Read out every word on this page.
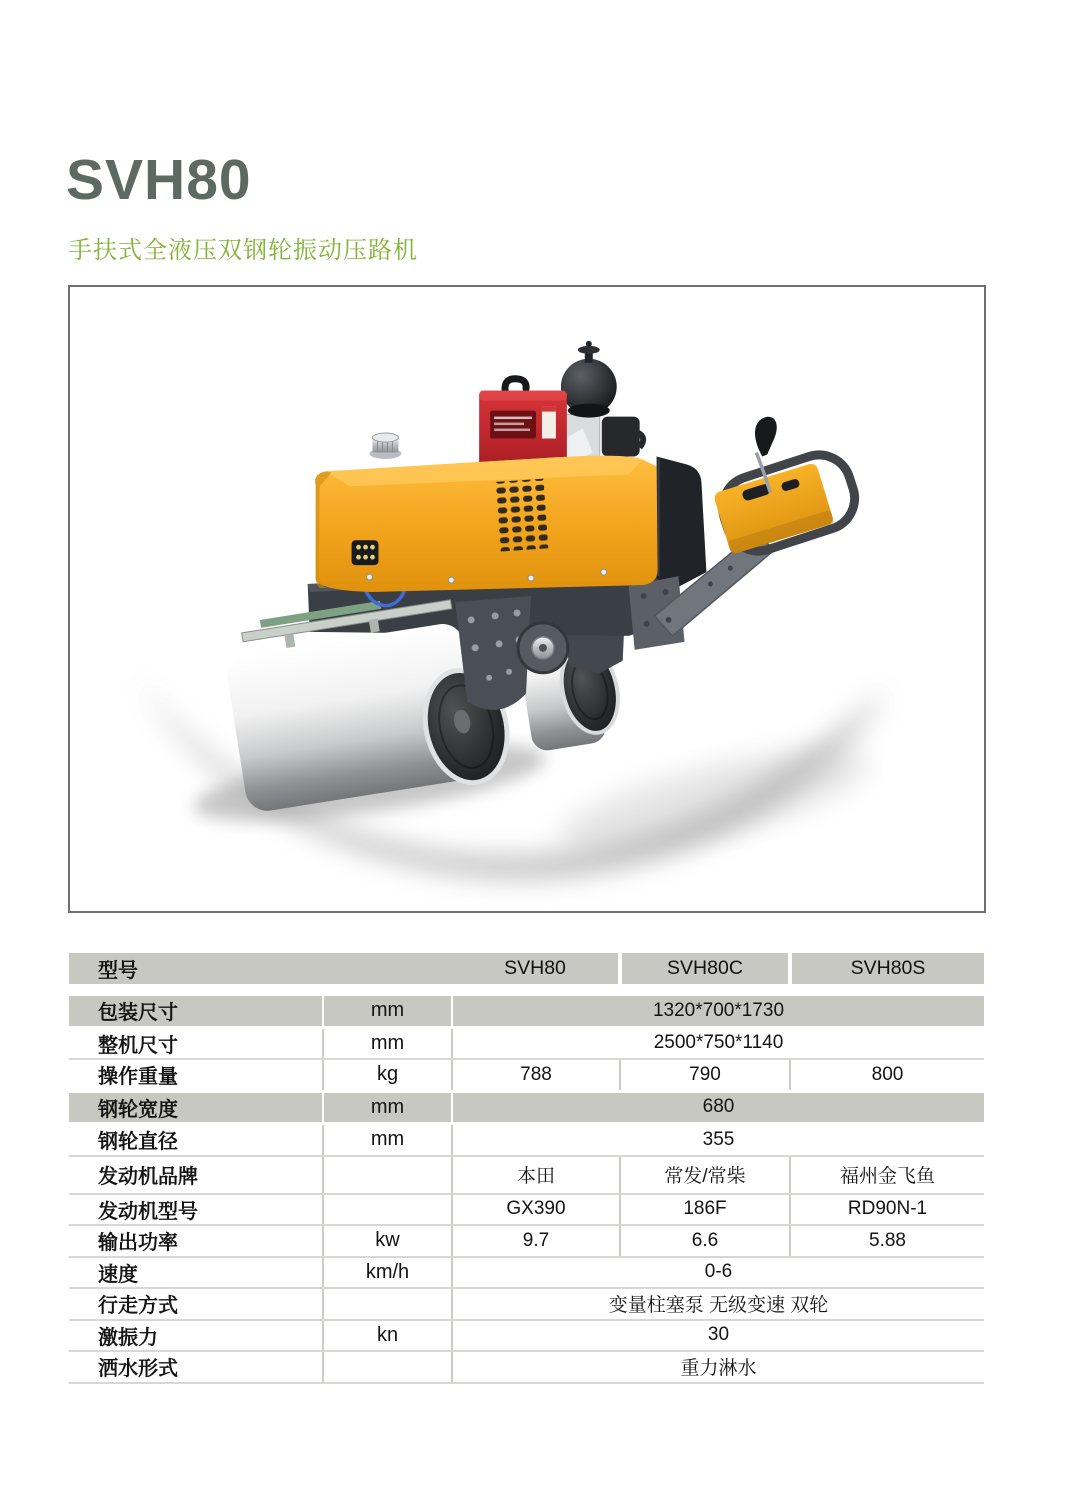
SVH80

手扶式全液压双钢轮振动压路机

型号		SVH80	SVH80C	SVH80S

包装尺寸	mm	1320*700*1730		
整机尺寸	mm	2500*750*1140		
操作重量	kg	788	790	800
钢轮宽度	mm	680		
钢轮直径	mm	355		
发动机品牌		本田	常发/常柴	福州金飞鱼
发动机型号		GX390	186F	RD90N-1
输出功率	kw	9.7	6.6	5.88
速度	km/h	0-6		
行走方式		变量柱塞泵 无级变速 双轮		
激振力	kn	30		
洒水形式		重力淋水		
